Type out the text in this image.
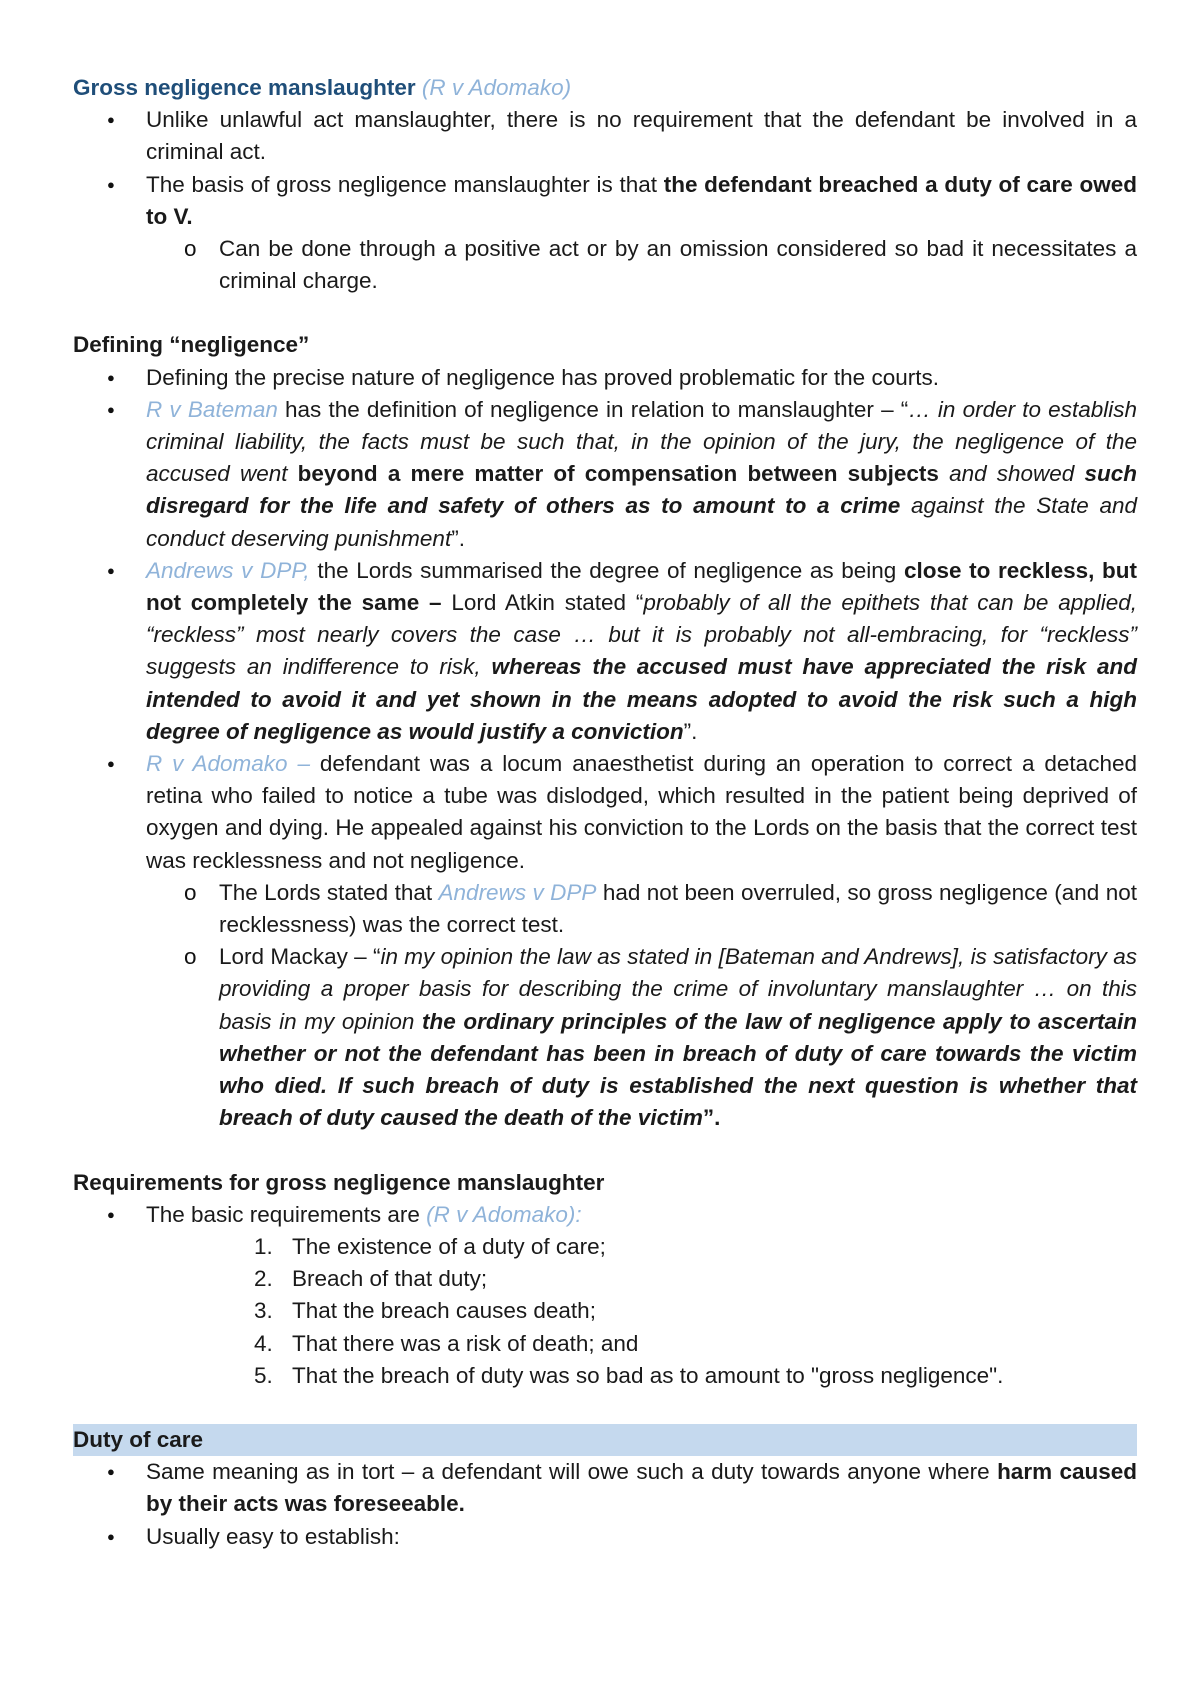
Gross negligence manslaughter (R v Adomako)
● Unlike unlawful act manslaughter, there is no requirement that the defendant be involved in a criminal act.
● The basis of gross negligence manslaughter is that the defendant breached a duty of care owed to V.
o Can be done through a positive act or by an omission considered so bad it necessitates a criminal charge.
Defining “negligence”
● Defining the precise nature of negligence has proved problematic for the courts.
● R v Bateman has the definition of negligence in relation to manslaughter – “… in order to establish criminal liability, the facts must be such that, in the opinion of the jury, the negligence of the accused went beyond a mere matter of compensation between subjects and showed such disregard for the life and safety of others as to amount to a crime against the State and conduct deserving punishment”.
● Andrews v DPP, the Lords summarised the degree of negligence as being close to reckless, but not completely the same – Lord Atkin stated “probably of all the epithets that can be applied, “reckless” most nearly covers the case … but it is probably not all-embracing, for “reckless” suggests an indifference to risk, whereas the accused must have appreciated the risk and intended to avoid it and yet shown in the means adopted to avoid the risk such a high degree of negligence as would justify a conviction”.
● R v Adomako – defendant was a locum anaesthetist during an operation to correct a detached retina who failed to notice a tube was dislodged, which resulted in the patient being deprived of oxygen and dying. He appealed against his conviction to the Lords on the basis that the correct test was recklessness and not negligence.
o The Lords stated that Andrews v DPP had not been overruled, so gross negligence (and not recklessness) was the correct test.
o Lord Mackay – “in my opinion the law as stated in [Bateman and Andrews], is satisfactory as providing a proper basis for describing the crime of involuntary manslaughter … on this basis in my opinion the ordinary principles of the law of negligence apply to ascertain whether or not the defendant has been in breach of duty of care towards the victim who died. If such breach of duty is established the next question is whether that breach of duty caused the death of the victim”.
Requirements for gross negligence manslaughter
● The basic requirements are (R v Adomako):
1. The existence of a duty of care;
2. Breach of that duty;
3. That the breach causes death;
4. That there was a risk of death; and
5. That the breach of duty was so bad as to amount to "gross negligence".
Duty of care
● Same meaning as in tort – a defendant will owe such a duty towards anyone where harm caused by their acts was foreseeable.
● Usually easy to establish:
